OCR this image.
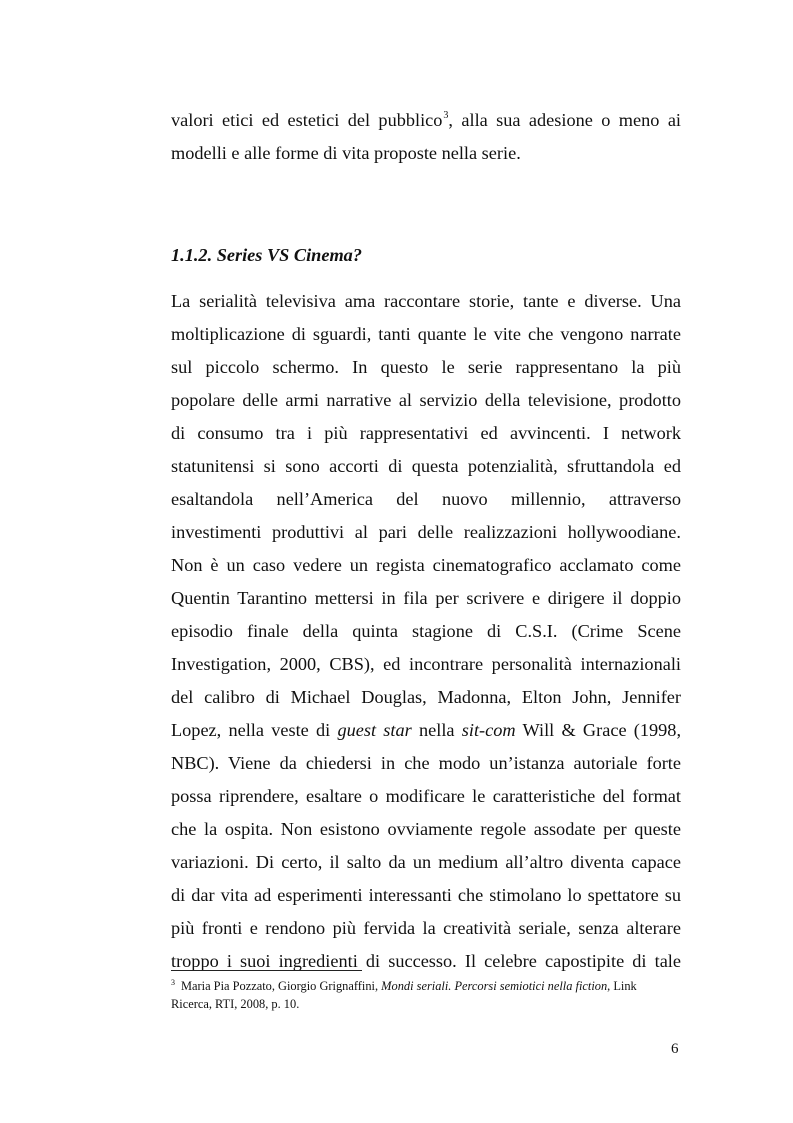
valori etici ed estetici del pubblico$^3$, alla sua adesione o meno ai
modelli e alle forme di vita proposte nella serie.
1.1.2. Series VS Cinema?
La serialità televisiva ama raccontare storie, tante e diverse. Una
moltiplicazione di sguardi, tanti quante le vite che vengono narrate
sul piccolo schermo. In questo le serie rappresentano la più
popolare delle armi narrative al servizio della televisione, prodotto
di consumo tra i più rappresentativi ed avvincenti. I network
statunitensi si sono accorti di questa potenzialità, sfruttandola ed
esaltandola nell’America del nuovo millennio, attraverso
investimenti produttivi al pari delle realizzazioni hollywoodiane.
Non è un caso vedere un regista cinematografico acclamato come
Quentin Tarantino mettersi in fila per scrivere e dirigere il doppio
episodio finale della quinta stagione di C.S.I. (Crime Scene
Investigation, 2000, CBS), ed incontrare personalità internazionali
del calibro di Michael Douglas, Madonna, Elton John, Jennifer
Lopez, nella veste di guest star nella sit-com Will & Grace (1998,
NBC). Viene da chiedersi in che modo un’istanza autoriale forte
possa riprendere, esaltare o modificare le caratteristiche del format
che la ospita. Non esistono ovviamente regole assodate per queste
variazioni. Di certo, il salto da un medium all’altro diventa capace
di dar vita ad esperimenti interessanti che stimolano lo spettatore su
più fronti e rendono più fervida la creatività seriale, senza alterare
troppo i suoi ingredienti di successo. Il celebre capostipite di tale
$^3$ Maria Pia Pozzato, Giorgio Grignaffini, Mondi seriali. Percorsi semiotici nella fiction, Link
Ricerca, RTI, 2008, p. 10.
6
